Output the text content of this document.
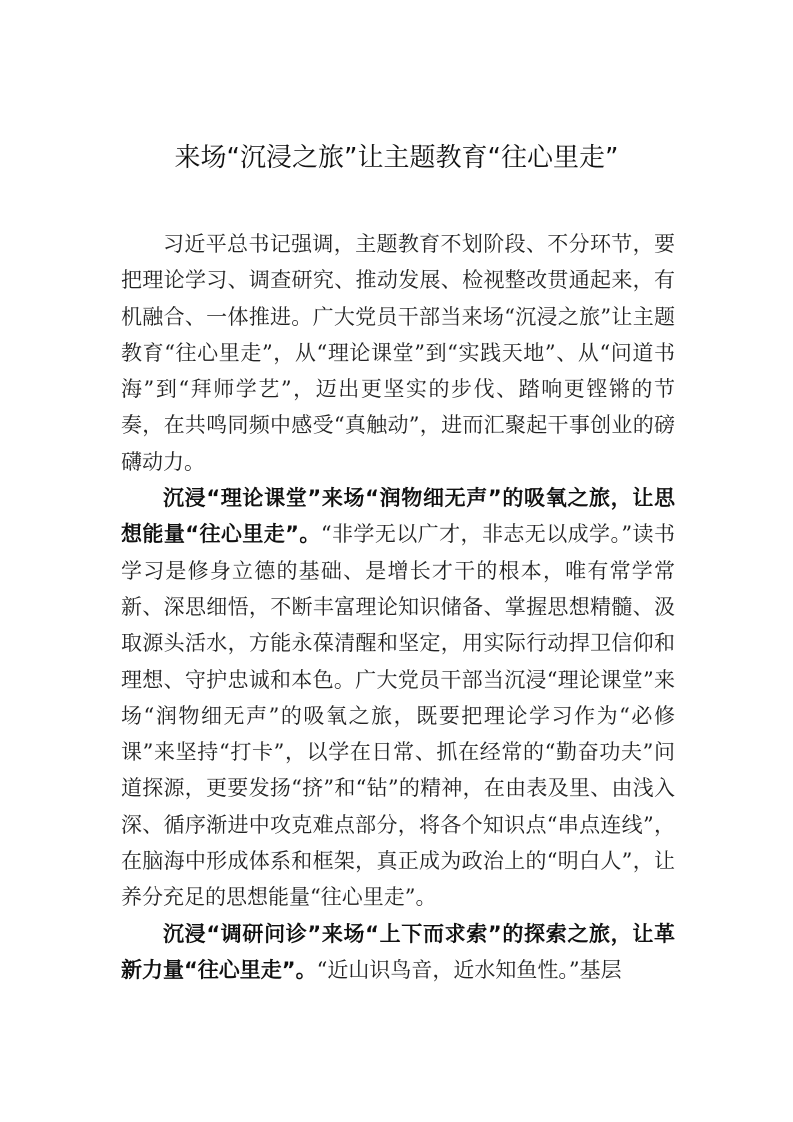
来场“沉浸之旅”让主题教育“往心里走”

习近平总书记强调，主题教育不划阶段、不分环节，要把理论学习、调查研究、推动发展、检视整改贯通起来，有机融合、一体推进。广大党员干部当来场“沉浸之旅”让主题教育“往心里走”，从“理论课堂”到“实践天地”、从“问道书海”到“拜师学艺”，迈出更坚实的步伐、踏响更铿锵的节奏，在共鸣同频中感受“真触动”，进而汇聚起干事创业的磅礴动力。

沉浸“理论课堂”来场“润物细无声”的吸氧之旅，让思想能量“往心里走”。“非学无以广才，非志无以成学。”读书学习是修身立德的基础、是增长才干的根本，唯有常学常新、深思细悟，不断丰富理论知识储备、掌握思想精髓、汲取源头活水，方能永葆清醒和坚定，用实际行动捍卫信仰和理想、守护忠诚和本色。广大党员干部当沉浸“理论课堂”来场“润物细无声”的吸氧之旅，既要把理论学习作为“必修课”来坚持“打卡”，以学在日常、抓在经常的“勤奋功夫”问道探源，更要发扬“挤”和“钻”的精神，在由表及里、由浅入深、循序渐进中攻克难点部分，将各个知识点“串点连线”，在脑海中形成体系和框架，真正成为政治上的“明白人”，让养分充足的思想能量“往心里走”。

沉浸“调研问诊”来场“上下而求索”的探索之旅，让革新力量“往心里走”。“近山识鸟音，近水知鱼性。”基层
